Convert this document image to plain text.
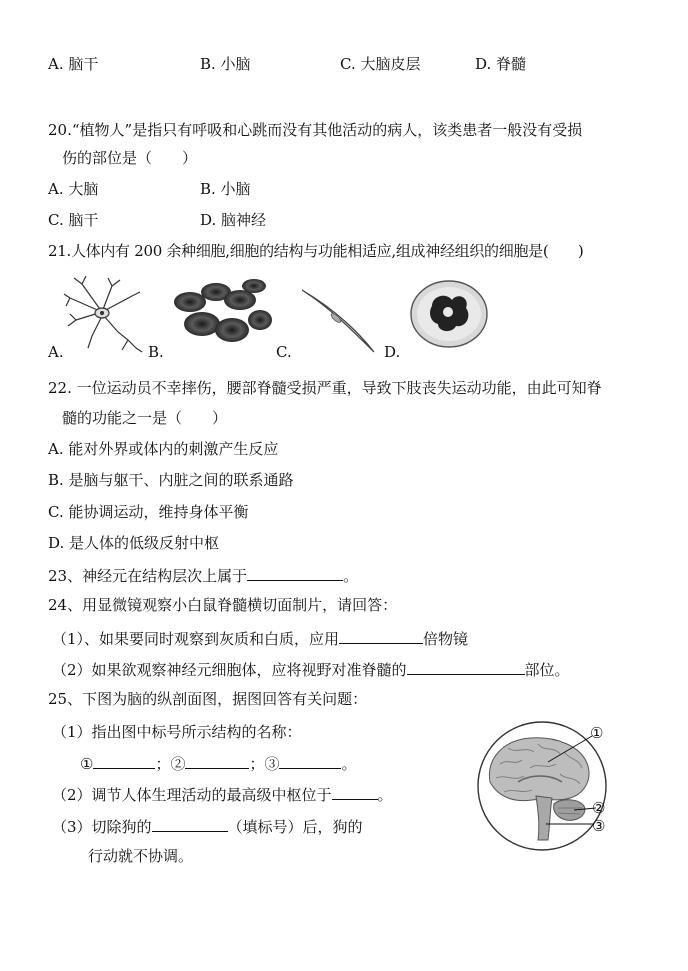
A. 脑干	B. 小脑	C. 大脑皮层	D. 脊髓
20.“植物人”是指只有呼吸和心跳而没有其他活动的病人，该类患者一般没有受损
伤的部位是（　　）
A. 大脑	B. 小脑
C. 脑干	D. 脑神经
21.人体内有 200 余种细胞,细胞的结构与功能相适应,组成神经组织的细胞是(　　)
A.	B.	C.	D.
22. 一位运动员不幸摔伤，腰部脊髓受损严重，导致下肢丧失运动功能，由此可知脊
髓的功能之一是（　　）
A. 能对外界或体内的刺激产生反应
B. 是脑与躯干、内脏之间的联系通路
C. 能协调运动，维持身体平衡
D. 是人体的低级反射中枢
23、神经元在结构层次上属于	。
24、用显微镜观察小白鼠脊髓横切面制片，请回答：
（1）、如果要同时观察到灰质和白质，应用	倍物镜
（2）如果欲观察神经元细胞体，应将视野对准脊髓的	部位。
25、下图为脑的纵剖面图，据图回答有关问题：
（1）指出图中标号所示结构的名称：
①	；②	；③	。
（2）调节人体生理活动的最高级中枢位于	。
（3）切除狗的	（填标号）后，狗的
行动就不协调。
①
②
③
